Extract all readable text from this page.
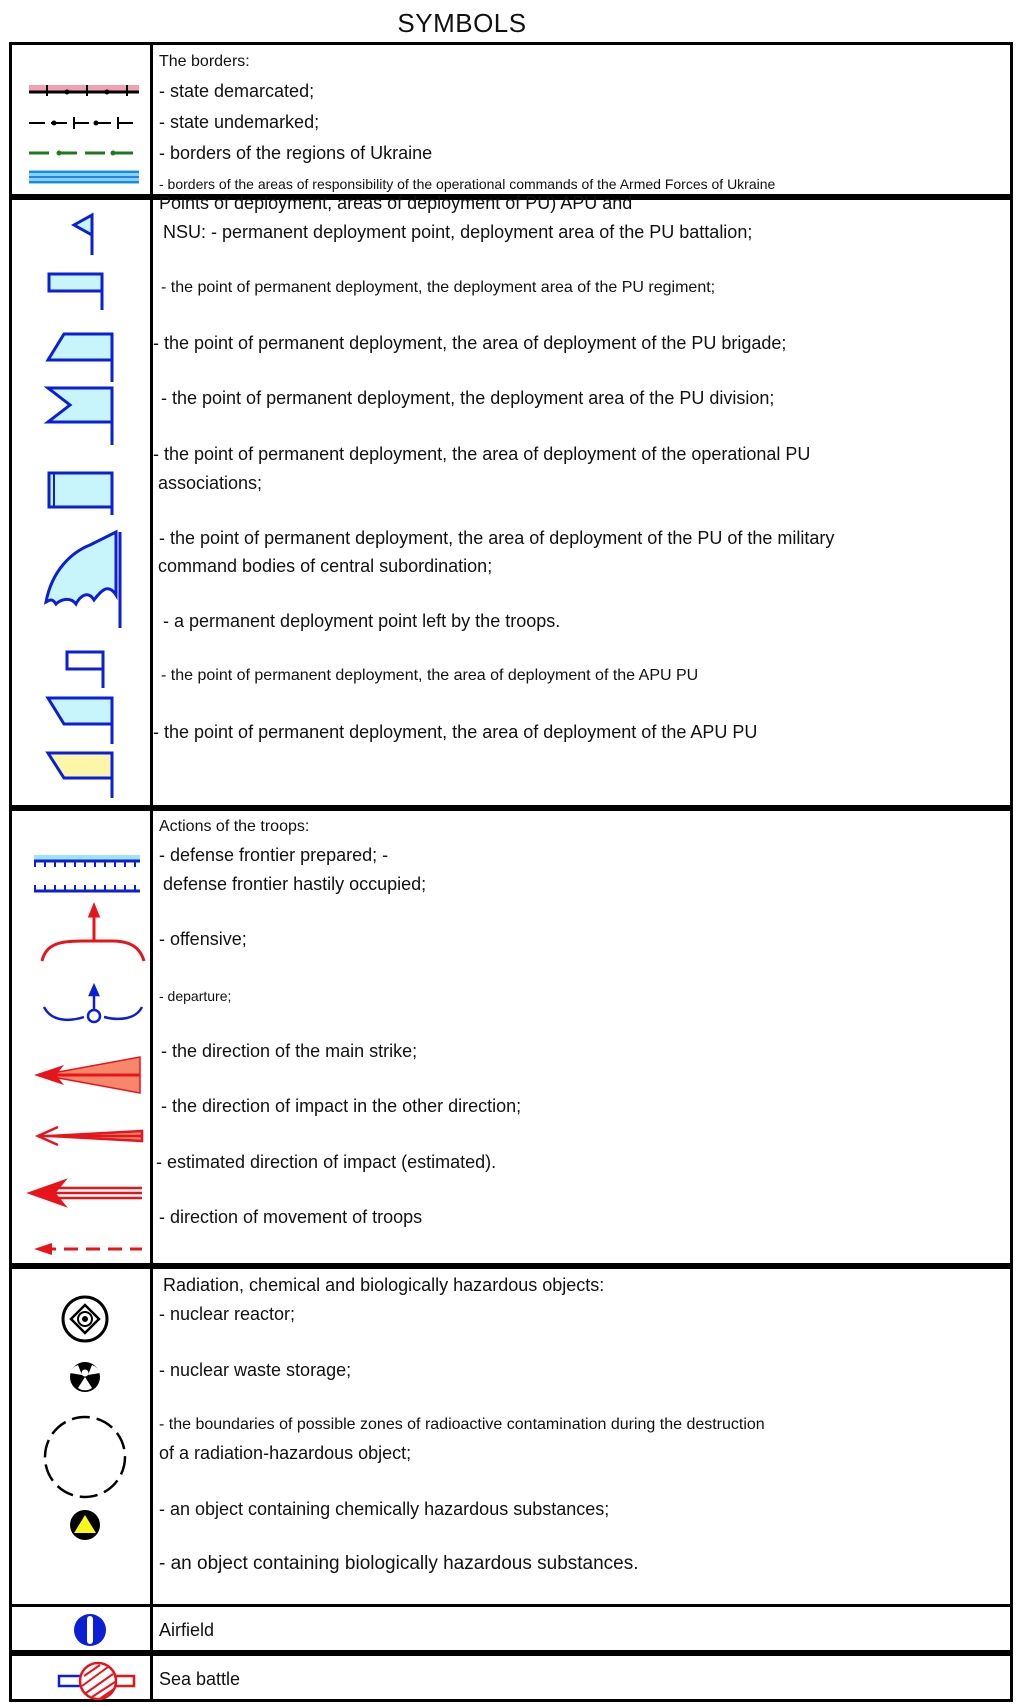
SYMBOLS
The borders:
- state demarcated;
- state undemarked;
- borders of the regions of Ukraine
- borders of the areas of responsibility of the operational commands of the Armed Forces of Ukraine
Points of deployment, areas of deployment of PU) APU and
NSU: - permanent deployment point, deployment area of the PU battalion;
- the point of permanent deployment, the deployment area of the PU regiment;
- the point of permanent deployment, the area of deployment of the PU brigade;
- the point of permanent deployment, the deployment area of the PU division;
- the point of permanent deployment, the area of deployment of the operational PU
associations;
- the point of permanent deployment, the area of deployment of the PU of the military
command bodies of central subordination;
- a permanent deployment point left by the troops.
- the point of permanent deployment, the area of deployment of the APU PU
- the point of permanent deployment, the area of deployment of the APU PU
Actions of the troops:
- defense frontier prepared; -
defense frontier hastily occupied;
- offensive;
- departure;
- the direction of the main strike;
- the direction of impact in the other direction;
- estimated direction of impact (estimated).
- direction of movement of troops
Radiation, chemical and biologically hazardous objects:
- nuclear reactor;
- nuclear waste storage;
- the boundaries of possible zones of radioactive contamination during the destruction
of a radiation-hazardous object;
- an object containing chemically hazardous substances;
- an object containing biologically hazardous substances.
Airfield
Sea battle
